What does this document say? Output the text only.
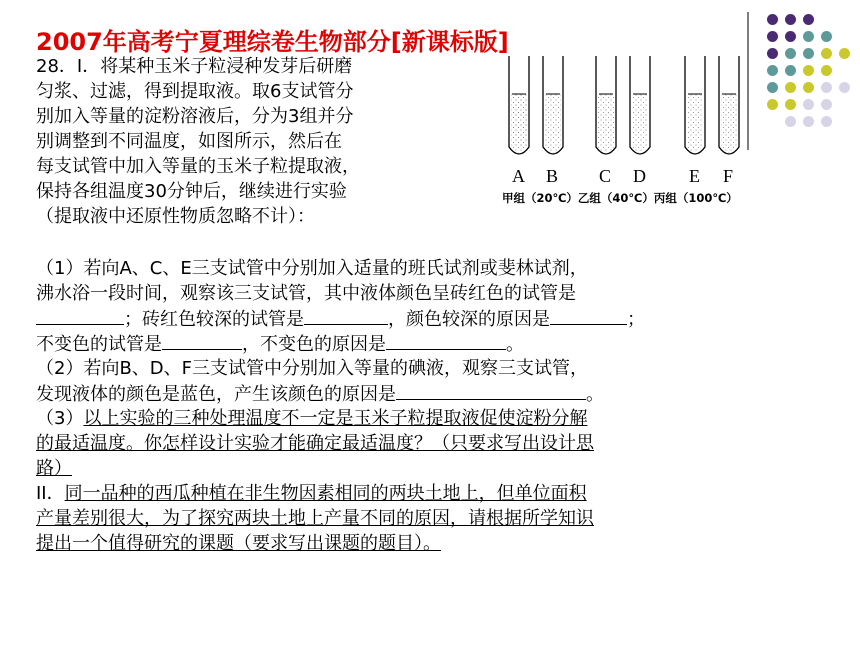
2007年高考宁夏理综卷生物部分[新课标版]
28．I．将某种玉米子粒浸种发芽后研磨
匀浆、过滤，得到提取液。取6支试管分
别加入等量的淀粉溶液后，分为3组并分
别调整到不同温度，如图所示，然后在
每支试管中加入等量的玉米子粒提取液，
保持各组温度30分钟后，继续进行实验
（提取液中还原性物质忽略不计）：
A B C D E F
甲组（20℃）乙组（40℃）丙组（100℃）
（1）若向A、C、E三支试管中分别加入适量的班氏试剂或斐林试剂，
沸水浴一段时间，观察该三支试管，其中液体颜色呈砖红色的试管是
；砖红色较深的试管是	，颜色较深的原因是	；
不变色的试管是	，不变色的原因是	。
（2）若向B、D、F三支试管中分别加入等量的碘液，观察三支试管，
发现液体的颜色是蓝色，产生该颜色的原因是	。
（3）以上实验的三种处理温度不一定是玉米子粒提取液促使淀粉分解
的最适温度。你怎样设计实验才能确定最适温度？（只要求写出设计思
路）
II．同一品种的西瓜种植在非生物因素相同的两块土地上，但单位面积
产量差别很大，为了探究两块土地上产量不同的原因，请根据所学知识
提出一个值得研究的课题（要求写出课题的题目）。
